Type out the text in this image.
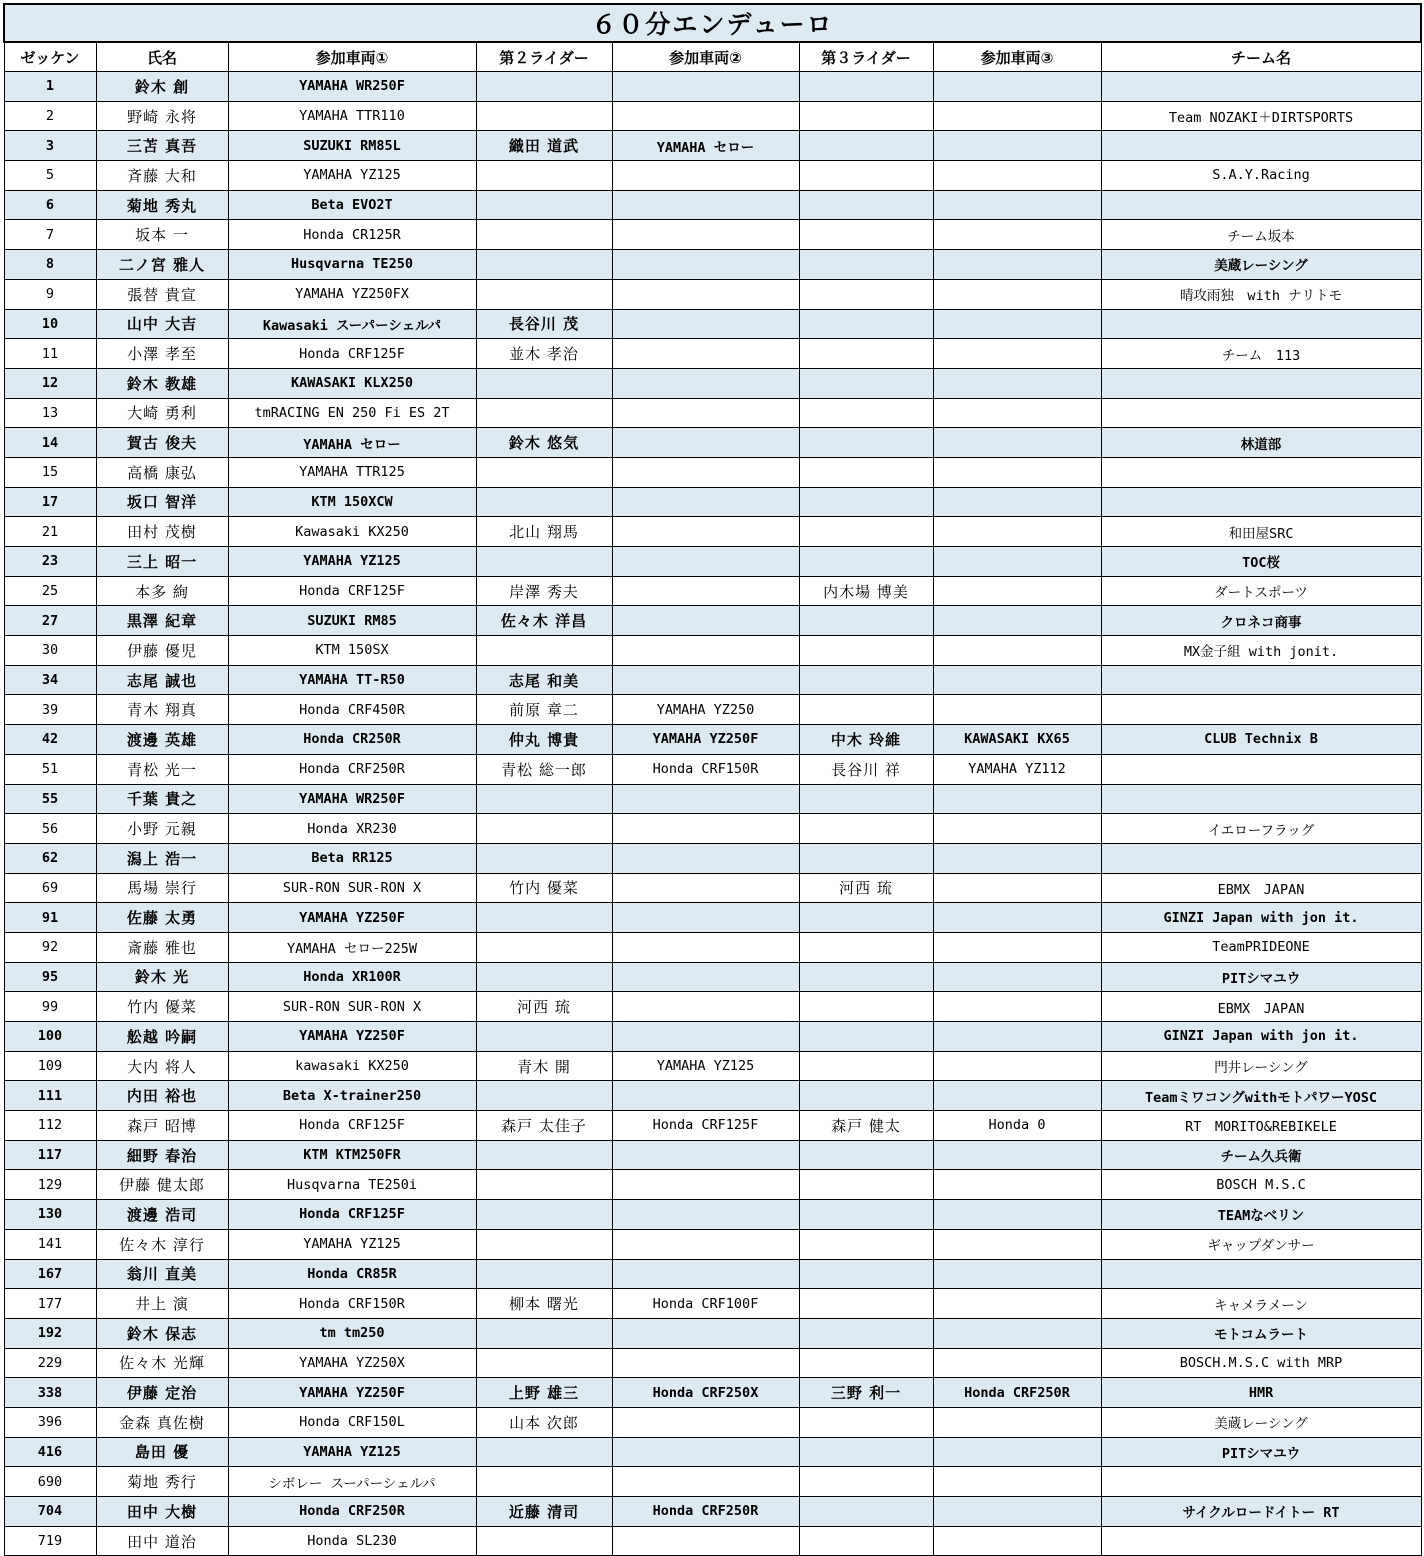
６０分エンデューロ							
ゼッケン	氏名	参加車両①	第２ライダー	参加車両②	第３ライダー	参加車両③	チーム名
1	鈴木 創	YAMAHA WR250F					
2	野崎 永将	YAMAHA TTR110					Team NOZAKI＋DIRTSPORTS
3	三苫 真吾	SUZUKI RM85L	織田 道武	YAMAHA セロー			
5	斉藤 大和	YAMAHA YZ125					S.A.Y.Racing
6	菊地 秀丸	Beta EVO2T					
7	坂本 一	Honda CR125R					チーム坂本
8	二ノ宮 雅人	Husqvarna TE250					美蔵レーシング
9	張替 貴宣	YAMAHA YZ250FX					晴攻雨独　with ナリトモ
10	山中 大吉	Kawasaki スーパーシェルパ	長谷川 茂				
11	小澤 孝至	Honda CRF125F	並木 孝治				チーム　113
12	鈴木 教雄	KAWASAKI KLX250					
13	大崎 勇利	tmRACING EN 250 Fi ES 2T					
14	賀古 俊夫	YAMAHA セロー	鈴木 悠気				林道部
15	高橋 康弘	YAMAHA TTR125					
17	坂口 智洋	KTM 150XCW					
21	田村 茂樹	Kawasaki KX250	北山 翔馬				和田屋SRC
23	三上 昭一	YAMAHA YZ125					TOC桜
25	本多 絢	Honda CRF125F	岸澤 秀夫		内木場 博美		ダートスポーツ
27	黒澤 紀章	SUZUKI RM85	佐々木 洋昌				クロネコ商事
30	伊藤 優児	KTM 150SX					MX金子組 with jonit.
34	志尾 誠也	YAMAHA TT-R50	志尾 和美				
39	青木 翔真	Honda CRF450R	前原 章二	YAMAHA YZ250			
42	渡邊 英雄	Honda CR250R	仲丸 博貴	YAMAHA YZ250F	中木 玲維	KAWASAKI KX65	CLUB Technix B
51	青松 光一	Honda CRF250R	青松 総一郎	Honda CRF150R	長谷川 祥	YAMAHA YZ112	
55	千葉 貴之	YAMAHA WR250F					
56	小野 元親	Honda XR230					イエローフラッグ
62	潟上 浩一	Beta RR125					
69	馬場 崇行	SUR-RON SUR-RON X	竹内 優菜		河西 琉		EBMX　JAPAN
91	佐藤 太勇	YAMAHA YZ250F					GINZI Japan with jon it.
92	斎藤 雅也	YAMAHA セロー225W					TeamPRIDEONE
95	鈴木 光	Honda XR100R					PITシマユウ
99	竹内 優菜	SUR-RON SUR-RON X	河西 琉				EBMX　JAPAN
100	舩越 吟嗣	YAMAHA YZ250F					GINZI Japan with jon it.
109	大内 将人	kawasaki KX250	青木 開	YAMAHA YZ125			門井レーシング
111	内田 裕也	Beta X-trainer250					TeamミワコングwithモトパワーYOSC
112	森戸 昭博	Honda CRF125F	森戸 太佳子	Honda CRF125F	森戸 健太	Honda 0	RT　MORITO&REBIKELE
117	細野 春治	KTM KTM250FR					チーム久兵衛
129	伊藤 健太郎	Husqvarna TE250i					BOSCH M.S.C
130	渡邊 浩司	Honda CRF125F					TEAMなべリン
141	佐々木 淳行	YAMAHA YZ125					ギャップダンサー
167	翁川 直美	Honda CR85R					
177	井上 演	Honda CRF150R	柳本 曙光	Honda CRF100F			キャメラメーン
192	鈴木 保志	tm tm250					モトコムラート
229	佐々木 光輝	YAMAHA YZ250X					BOSCH.M.S.C with MRP
338	伊藤 定治	YAMAHA YZ250F	上野 雄三	Honda CRF250X	三野 利一	Honda CRF250R	HMR
396	金森 真佐樹	Honda CRF150L	山本 次郎				美蔵レーシング
416	島田 優	YAMAHA YZ125					PITシマユウ
690	菊地 秀行	シボレー スーパーシェルパ					
704	田中 大樹	Honda CRF250R	近藤 清司	Honda CRF250R			サイクルロードイトー RT
719	田中 道治	Honda SL230					
